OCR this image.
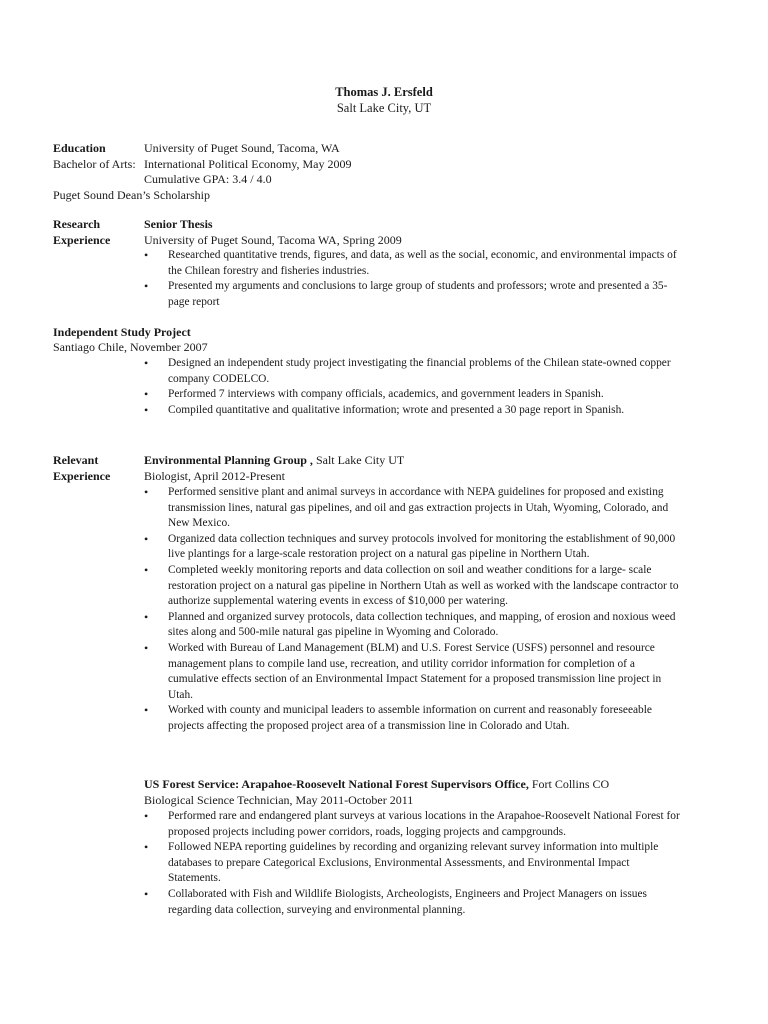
Thomas J. Ersfeld
Salt Lake City, UT
Education	University of Puget Sound, Tacoma, WA
Bachelor of Arts: International Political Economy, May 2009
Cumulative GPA: 3.4 / 4.0
Puget Sound Dean’s Scholarship
Research
Experience
Senior Thesis
University of Puget Sound, Tacoma WA, Spring 2009
• Researched quantitative trends, figures, and data, as well as the social, economic, and environmental impacts of the Chilean forestry and fisheries industries.
• Presented my arguments and conclusions to large group of students and professors; wrote and presented a 35-page report
Independent Study Project
Santiago Chile, November 2007
• Designed an independent study project investigating the financial problems of the Chilean state-owned copper company CODELCO.
• Performed 7 interviews with company officials, academics, and government leaders in Spanish.
• Compiled quantitative and qualitative information; wrote and presented a 30 page report in Spanish.
Relevant
Experience
Environmental Planning Group , Salt Lake City UT
Biologist, April 2012-Present
• Performed sensitive plant and animal surveys in accordance with NEPA guidelines for proposed and existing transmission lines, natural gas pipelines, and oil and gas extraction projects in Utah, Wyoming, Colorado, and New Mexico.
• Organized data collection techniques and survey protocols involved for monitoring the establishment of 90,000 live plantings for a large-scale restoration project on a natural gas pipeline in Northern Utah.
• Completed weekly monitoring reports and data collection on soil and weather conditions for a large- scale restoration project on a natural gas pipeline in Northern Utah as well as worked with the landscape contractor to authorize supplemental watering events in excess of $10,000 per watering.
• Planned and organized survey protocols, data collection techniques, and mapping, of erosion and noxious weed sites along and 500-mile natural gas pipeline in Wyoming and Colorado.
• Worked with Bureau of Land Management (BLM) and U.S. Forest Service (USFS) personnel and resource management plans to compile land use, recreation, and utility corridor information for completion of a cumulative effects section of an Environmental Impact Statement for a proposed transmission line project in Utah.
• Worked with county and municipal leaders to assemble information on current and reasonably foreseeable projects affecting the proposed project area of a transmission line in Colorado and Utah.
US Forest Service: Arapahoe-Roosevelt National Forest Supervisors Office, Fort Collins CO
Biological Science Technician, May 2011-October 2011
• Performed rare and endangered plant surveys at various locations in the Arapahoe-Roosevelt National Forest for proposed projects including power corridors, roads, logging projects and campgrounds.
• Followed NEPA reporting guidelines by recording and organizing relevant survey information into multiple databases to prepare Categorical Exclusions, Environmental Assessments, and Environmental Impact Statements.
• Collaborated with Fish and Wildlife Biologists, Archeologists, Engineers and Project Managers on issues regarding data collection, surveying and environmental planning.
